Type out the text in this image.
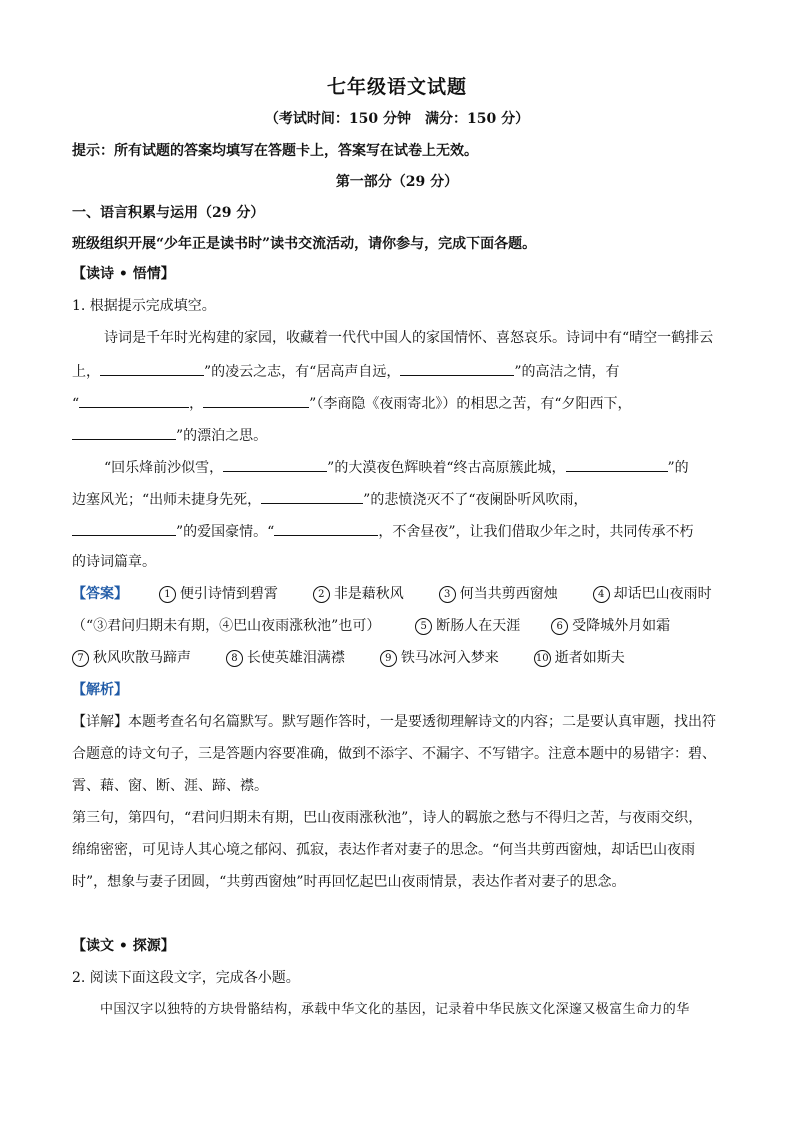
七年级语文试题
（考试时间：150 分钟　满分：150 分）
提示：所有试题的答案均填写在答题卡上，答案写在试卷上无效。
第一部分（29 分）
一、语言积累与运用（29 分）
班级组织开展“少年正是读书时”读书交流活动，请你参与，完成下面各题。
【读诗 • 悟情】
1. 根据提示完成填空。
诗词是千年时光构建的家园，收藏着一代代中国人的家国情怀、喜怒哀乐。诗词中有“晴空一鹤排云
上，	”的凌云之志，有“居高声自远，	”的高洁之情，有
“	，	”（李商隐《夜雨寄北》）的相思之苦，有“夕阳西下，
”的漂泊之思。
“回乐烽前沙似雪，	”的大漠夜色辉映着“终古高原簇此城，	”的
边塞风光；“出师未捷身先死，	”的悲愤浇灭不了“夜阑卧听风吹雨，
”的爱国豪情。“	，不舍昼夜”，让我们借取少年之时，共同传承不朽
的诗词篇章。
【答案】	1 便引诗情到碧霄	2 非是藉秋风	3 何当共剪西窗烛	4 却话巴山夜雨时
（“③君问归期未有期，④巴山夜雨涨秋池”也可）	5 断肠人在天涯	6 受降城外月如霜
7 秋风吹散马蹄声	8 长使英雄泪满襟	9 铁马冰河入梦来	10 逝者如斯夫
【解析】
【详解】本题考查名句名篇默写。默写题作答时，一是要透彻理解诗文的内容；二是要认真审题，找出符
合题意的诗文句子，三是答题内容要准确，做到不添字、不漏字、不写错字。注意本题中的易错字：碧、
霄、藉、窗、断、涯、蹄、襟。
第三句，第四句，“君问归期未有期，巴山夜雨涨秋池”，诗人的羁旅之愁与不得归之苦，与夜雨交织，
绵绵密密，可见诗人其心境之郁闷、孤寂，表达作者对妻子的思念。“何当共剪西窗烛，却话巴山夜雨
时”，想象与妻子团圆，“共剪西窗烛”时再回忆起巴山夜雨情景，表达作者对妻子的思念。
【读文 • 探源】
2. 阅读下面这段文字，完成各小题。
中国汉字以独特的方块骨骼结构，承载中华文化的基因，记录着中华民族文化深邃又极富生命力的华
